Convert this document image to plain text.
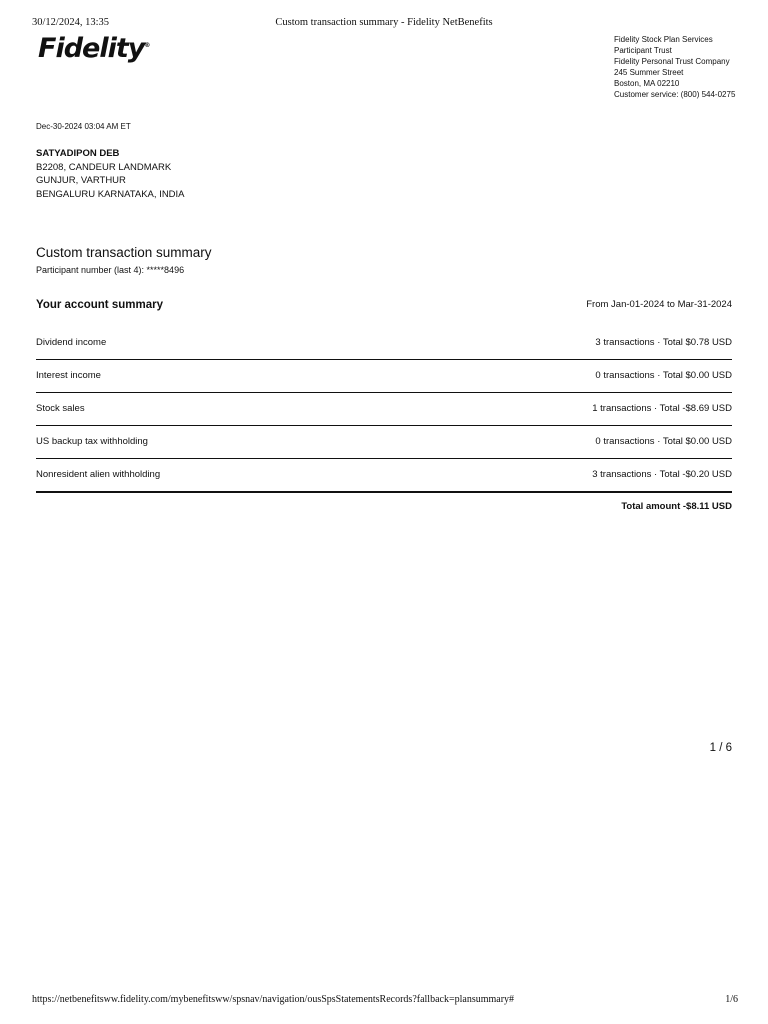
30/12/2024, 13:35	Custom transaction summary - Fidelity NetBenefits
Fidelity®
Fidelity Stock Plan Services
Participant Trust
Fidelity Personal Trust Company
245 Summer Street
Boston, MA 02210
Customer service: (800) 544-0275
Dec-30-2024 03:04 AM ET
SATYADIPON DEB
B2208, CANDEUR LANDMARK
GUNJUR, VARTHUR
BENGALURU KARNATAKA, INDIA
Custom transaction summary
Participant number (last 4): *****8496
Your account summary	From Jan-01-2024 to Mar-31-2024
Dividend income	3 transactions · Total $0.78 USD
Interest income	0 transactions · Total $0.00 USD
Stock sales	1 transactions · Total -$8.69 USD
US backup tax withholding	0 transactions · Total $0.00 USD
Nonresident alien withholding	3 transactions · Total -$0.20 USD
Total amount -$8.11 USD
1 / 6
https://netbenefitsww.fidelity.com/mybenefitsww/spsnav/navigation/ousSpsStatementsRecords?fallback=plansummary#	1/6
